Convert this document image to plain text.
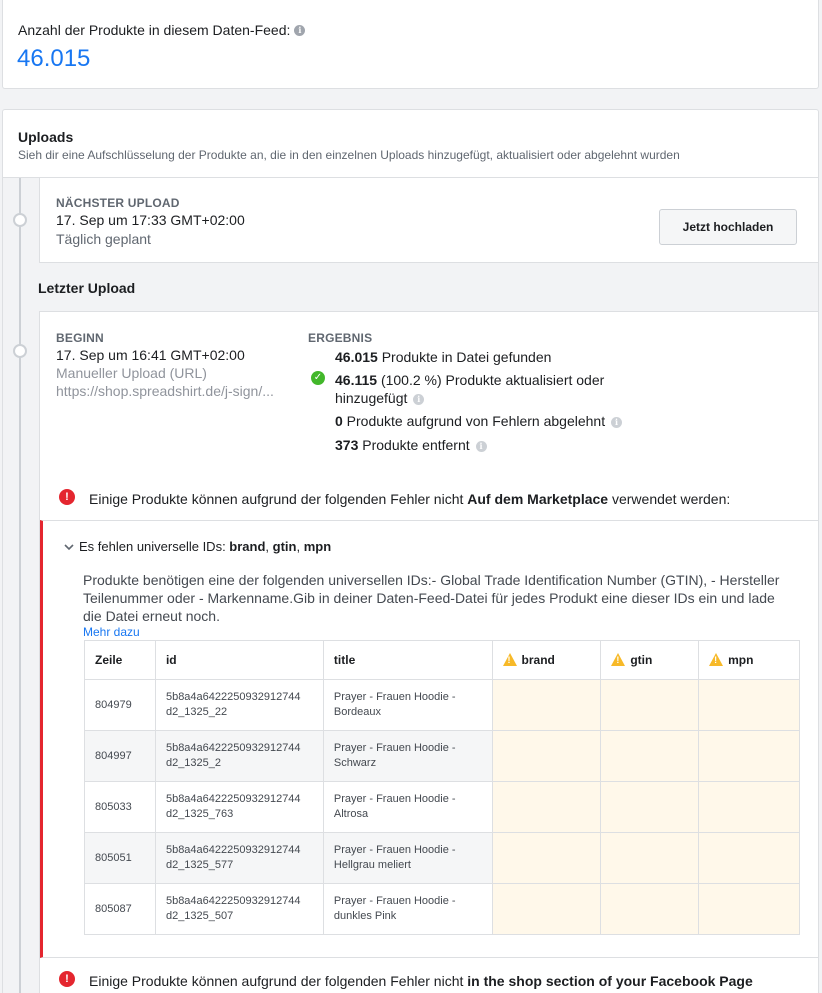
Anzahl der Produkte in diesem Daten-Feed: i
46.015
Uploads
Sieh dir eine Aufschlüsselung der Produkte an, die in den einzelnen Uploads hinzugefügt, aktualisiert oder abgelehnt wurden
NÄCHSTER UPLOAD
17. Sep um 17:33 GMT+02:00
Täglich geplant
Jetzt hochladen
Letzter Upload
BEGINN
17. Sep um 16:41 GMT+02:00
Manueller Upload (URL)
https://shop.spreadshirt.de/j-sign/...
ERGEBNIS
46.015 Produkte in Datei gefunden
✓ 46.115 (100.2 %) Produkte aktualisiert oder
hinzugefügt i
0 Produkte aufgrund von Fehlern abgelehnt i
373 Produkte entfernt i
!	Einige Produkte können aufgrund der folgenden Fehler nicht Auf dem Marketplace verwendet werden:
Es fehlen universelle IDs: brand, gtin, mpn
Produkte benötigen eine der folgenden universellen IDs:- Global Trade Identification Number (GTIN), - Hersteller Teilenummer oder - Markenname.Gib in deiner Daten-Feed-Datei für jedes Produkt eine dieser IDs ein und lade die Datei erneut noch.
Mehr dazu
Zeile	id	title	!brand	!gtin	!mpn
804979	5b8a4a6422250932912744
d2_1325_22	Prayer - Frauen Hoodie -
Bordeaux			
804997	5b8a4a6422250932912744
d2_1325_2	Prayer - Frauen Hoodie -
Schwarz			
805033	5b8a4a6422250932912744
d2_1325_763	Prayer - Frauen Hoodie -
Altrosa			
805051	5b8a4a6422250932912744
d2_1325_577	Prayer - Frauen Hoodie -
Hellgrau meliert			
805087	5b8a4a6422250932912744
d2_1325_507	Prayer - Frauen Hoodie -
dunkles Pink			
!	Einige Produkte können aufgrund der folgenden Fehler nicht in the shop section of your Facebook Page
